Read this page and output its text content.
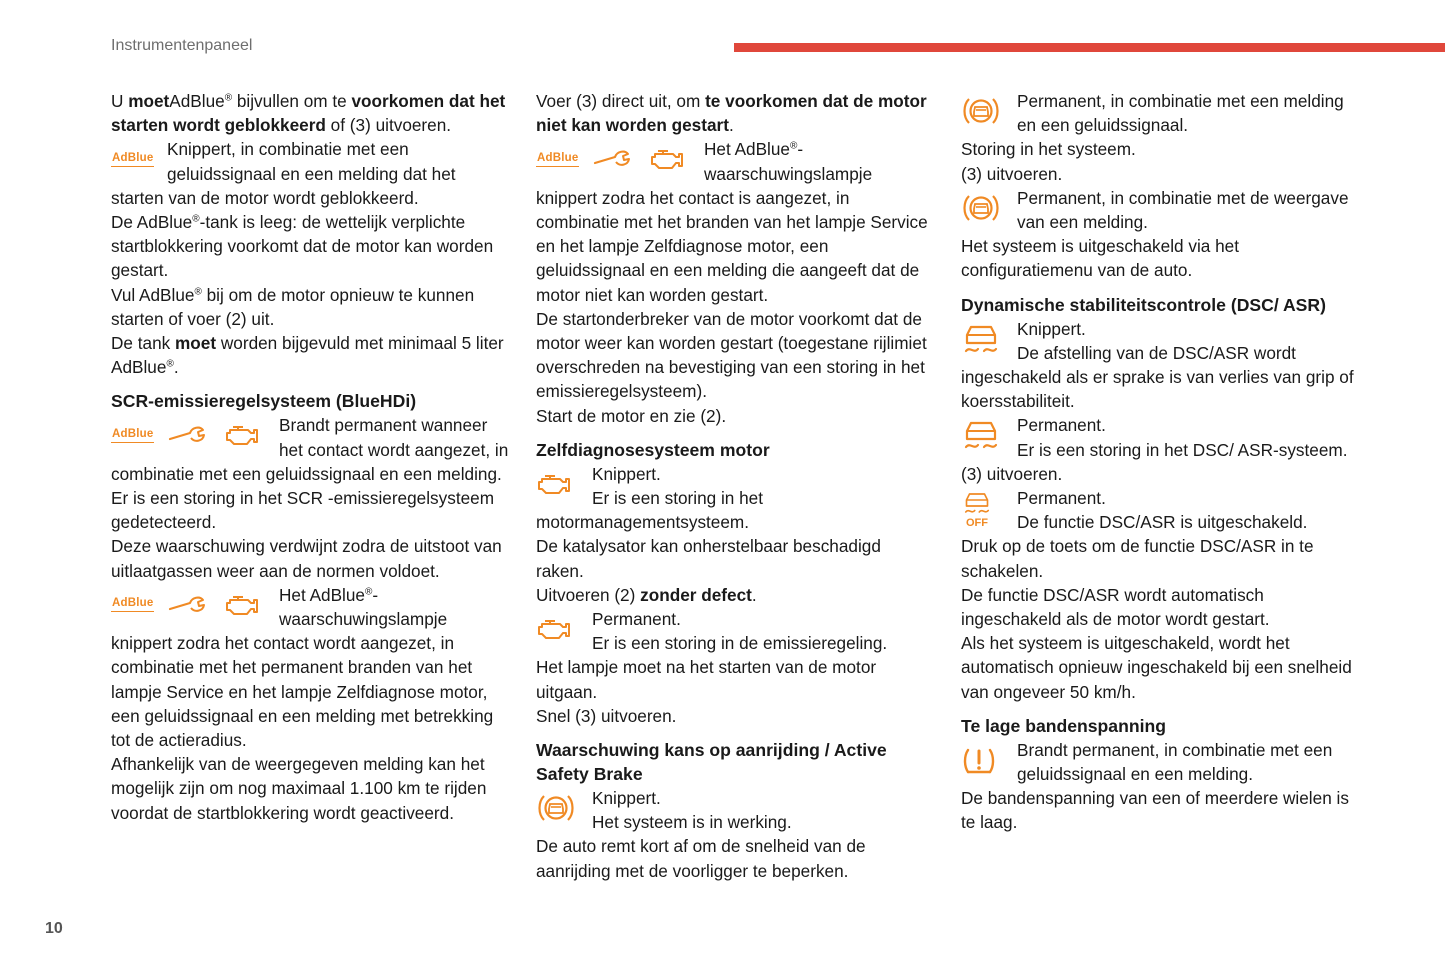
Instrumentenpaneel

U moetAdBlue® bijvullen om te voorkomen dat het starten wordt geblokkeerd of (3) uitvoeren.

AdBlue Knippert, in combinatie met een geluidssignaal en een melding dat het starten van de motor wordt geblokkeerd.

De AdBlue®-tank is leeg: de wettelijk verplichte startblokkering voorkomt dat de motor kan worden gestart.

Vul AdBlue® bij om de motor opnieuw te kunnen starten of voer (2) uit.

De tank moet worden bijgevuld met minimaal 5 liter AdBlue®.

SCR-emissieregelsysteem (BlueHDi)

AdBlue	Brandt permanent wanneer het contact wordt aangezet, in combinatie met een geluidssignaal en een melding.

Er is een storing in het SCR -emissieregelsysteem gedetecteerd.

Deze waarschuwing verdwijnt zodra de uitstoot van uitlaatgassen weer aan de normen voldoet.

AdBlue	Het AdBlue®-waarschuwingslampje knippert zodra het contact wordt aangezet, in combinatie met het permanent branden van het lampje Service en het lampje Zelfdiagnose motor, een geluidssignaal en een melding met betrekking tot de actieradius.

Afhankelijk van de weergegeven melding kan het mogelijk zijn om nog maximaal 1.100 km te rijden voordat de startblokkering wordt geactiveerd.

Voer (3) direct uit, om te voorkomen dat de motor niet kan worden gestart.

AdBlue	Het AdBlue®-waarschuwingslampje knippert zodra het contact is aangezet, in combinatie met het branden van het lampje Service en het lampje Zelfdiagnose motor, een geluidssignaal en een melding die aangeeft dat de motor niet kan worden gestart.

De startonderbreker van de motor voorkomt dat de motor weer kan worden gestart (toegestane rijlimiet overschreden na bevestiging van een storing in het emissieregelsysteem).

Start de motor en zie (2).

Zelfdiagnosesysteem motor

Knippert.
Er is een storing in het motormanagementsysteem.

De katalysator kan onherstelbaar beschadigd raken.

Uitvoeren (2) zonder defect.

Permanent.
Er is een storing in de emissieregeling.

Het lampje moet na het starten van de motor uitgaan.

Snel (3) uitvoeren.

Waarschuwing kans op aanrijding / Active Safety Brake

Knippert.
Het systeem is in werking.

De auto remt kort af om de snelheid van de aanrijding met de voorligger te beperken.

Permanent, in combinatie met een melding en een geluidssignaal.

Storing in het systeem.

(3) uitvoeren.

Permanent, in combinatie met de weergave van een melding.

Het systeem is uitgeschakeld via het configuratiemenu van de auto.

Dynamische stabiliteitscontrole (DSC/ ASR)

Knippert.
De afstelling van de DSC/ASR wordt ingeschakeld als er sprake is van verlies van grip of koersstabiliteit.

Permanent.
Er is een storing in het DSC/ ASR-systeem.

(3) uitvoeren.

OFF
Permanent.
De functie DSC/ASR is uitgeschakeld.

Druk op de toets om de functie DSC/ASR in te schakelen.

De functie DSC/ASR wordt automatisch ingeschakeld als de motor wordt gestart.

Als het systeem is uitgeschakeld, wordt het automatisch opnieuw ingeschakeld bij een snelheid van ongeveer 50 km/h.

Te lage bandenspanning

Brandt permanent, in combinatie met een geluidssignaal en een melding.

De bandenspanning van een of meerdere wielen is te laag.

10
